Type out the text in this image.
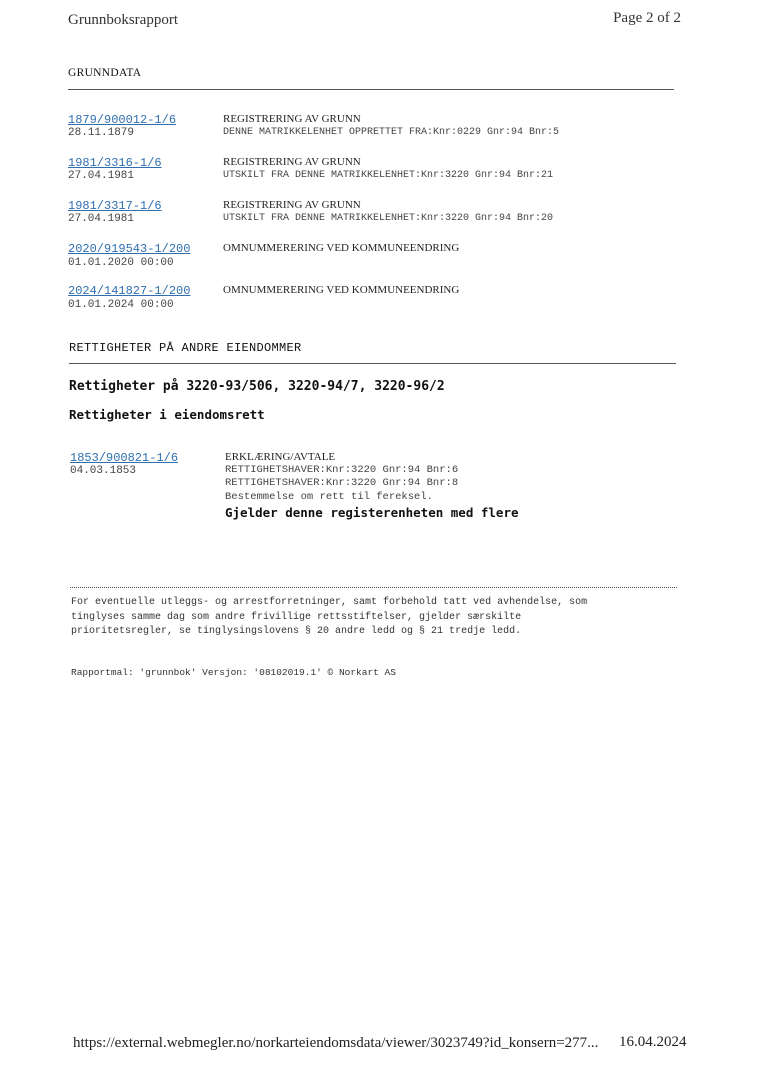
Grunnboksrapport	Page 2 of 2
GRUNNDATA
1879/900012-1/6
28.11.1879
REGISTRERING AV GRUNN
DENNE MATRIKKELENHET OPPRETTET FRA:Knr:0229 Gnr:94 Bnr:5
1981/3316-1/6
27.04.1981
REGISTRERING AV GRUNN
UTSKILT FRA DENNE MATRIKKELENHET:Knr:3220 Gnr:94 Bnr:21
1981/3317-1/6
27.04.1981
REGISTRERING AV GRUNN
UTSKILT FRA DENNE MATRIKKELENHET:Knr:3220 Gnr:94 Bnr:20
2020/919543-1/200
01.01.2020 00:00
OMNUMMERERING VED KOMMUNEENDRING
2024/141827-1/200
01.01.2024 00:00
OMNUMMERERING VED KOMMUNEENDRING
RETTIGHETER PÅ ANDRE EIENDOMMER
Rettigheter på 3220-93/506, 3220-94/7, 3220-96/2
Rettigheter i eiendomsrett
1853/900821-1/6
04.03.1853
ERKLÆRING/AVTALE
RETTIGHETSHAVER:Knr:3220 Gnr:94 Bnr:6
RETTIGHETSHAVER:Knr:3220 Gnr:94 Bnr:8
Bestemmelse om rett til fereksel.
Gjelder denne registerenheten med flere
For eventuelle utleggs- og arrestforretninger, samt forbehold tatt ved avhendelse, som
tinglyses samme dag som andre frivillige rettsstiftelser, gjelder særskilte
prioritetsregler, se tinglysingslovens § 20 andre ledd og § 21 tredje ledd.
Rapportmal: 'grunnbok' Versjon: '08102019.1' © Norkart AS
https://external.webmegler.no/norkarteiendomsdata/viewer/3023749?id_konsern=277... 16.04.2024
